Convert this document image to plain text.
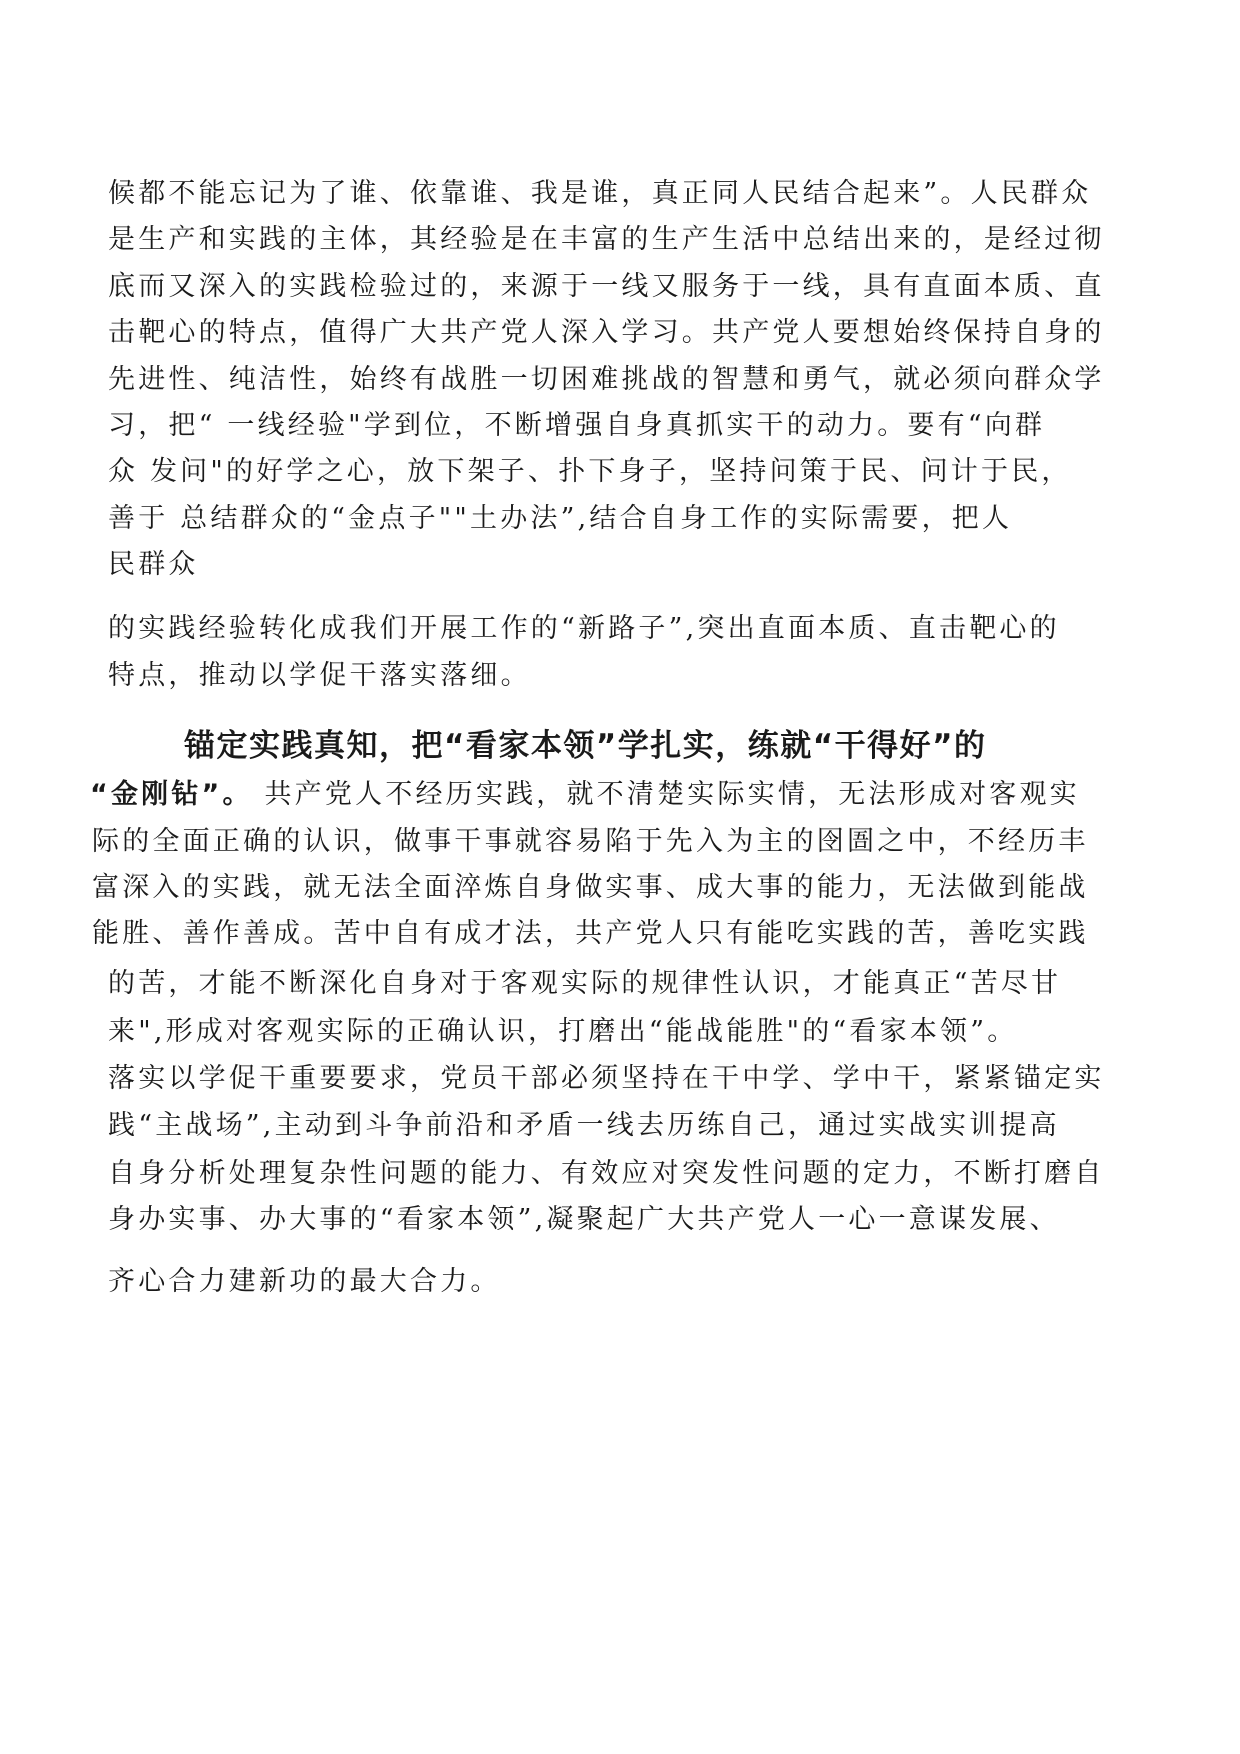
候都不能忘记为了谁、依靠谁、我是谁，真正同人民结合起来”。人民群众
是生产和实践的主体，其经验是在丰富的生产生活中总结出来的，是经过彻
底而又深入的实践检验过的，来源于一线又服务于一线，具有直面本质、直
击靶心的特点，值得广大共产党人深入学习。共产党人要想始终保持自身的
先进性、纯洁性，始终有战胜一切困难挑战的智慧和勇气，就必须向群众学
习，把“ 一线经验"学到位，不断增强自身真抓实干的动力。要有“向群
众 发问"的好学之心，放下架子、扑下身子，坚持问策于民、问计于民，
善于 总结群众的“金点子""土办法”,结合自身工作的实际需要，把人
民群众
的实践经验转化成我们开展工作的“新路子”,突出直面本质、直击靶心的
特点，推动以学促干落实落细。
锚定实践真知，把“看家本领”学扎实，练就“干得好”的
“金刚钻”。 共产党人不经历实践，就不清楚实际实情，无法形成对客观实
际的全面正确的认识，做事干事就容易陷于先入为主的囹圄之中，不经历丰
富深入的实践，就无法全面淬炼自身做实事、成大事的能力，无法做到能战
能胜、善作善成。苦中自有成才法，共产党人只有能吃实践的苦，善吃实践
的苦，才能不断深化自身对于客观实际的规律性认识，才能真正“苦尽甘
来",形成对客观实际的正确认识，打磨出“能战能胜"的“看家本领”。
落实以学促干重要要求，党员干部必须坚持在干中学、学中干，紧紧锚定实
践“主战场”,主动到斗争前沿和矛盾一线去历练自己，通过实战实训提高
自身分析处理复杂性问题的能力、有效应对突发性问题的定力，不断打磨自
身办实事、办大事的“看家本领”,凝聚起广大共产党人一心一意谋发展、
齐心合力建新功的最大合力。
